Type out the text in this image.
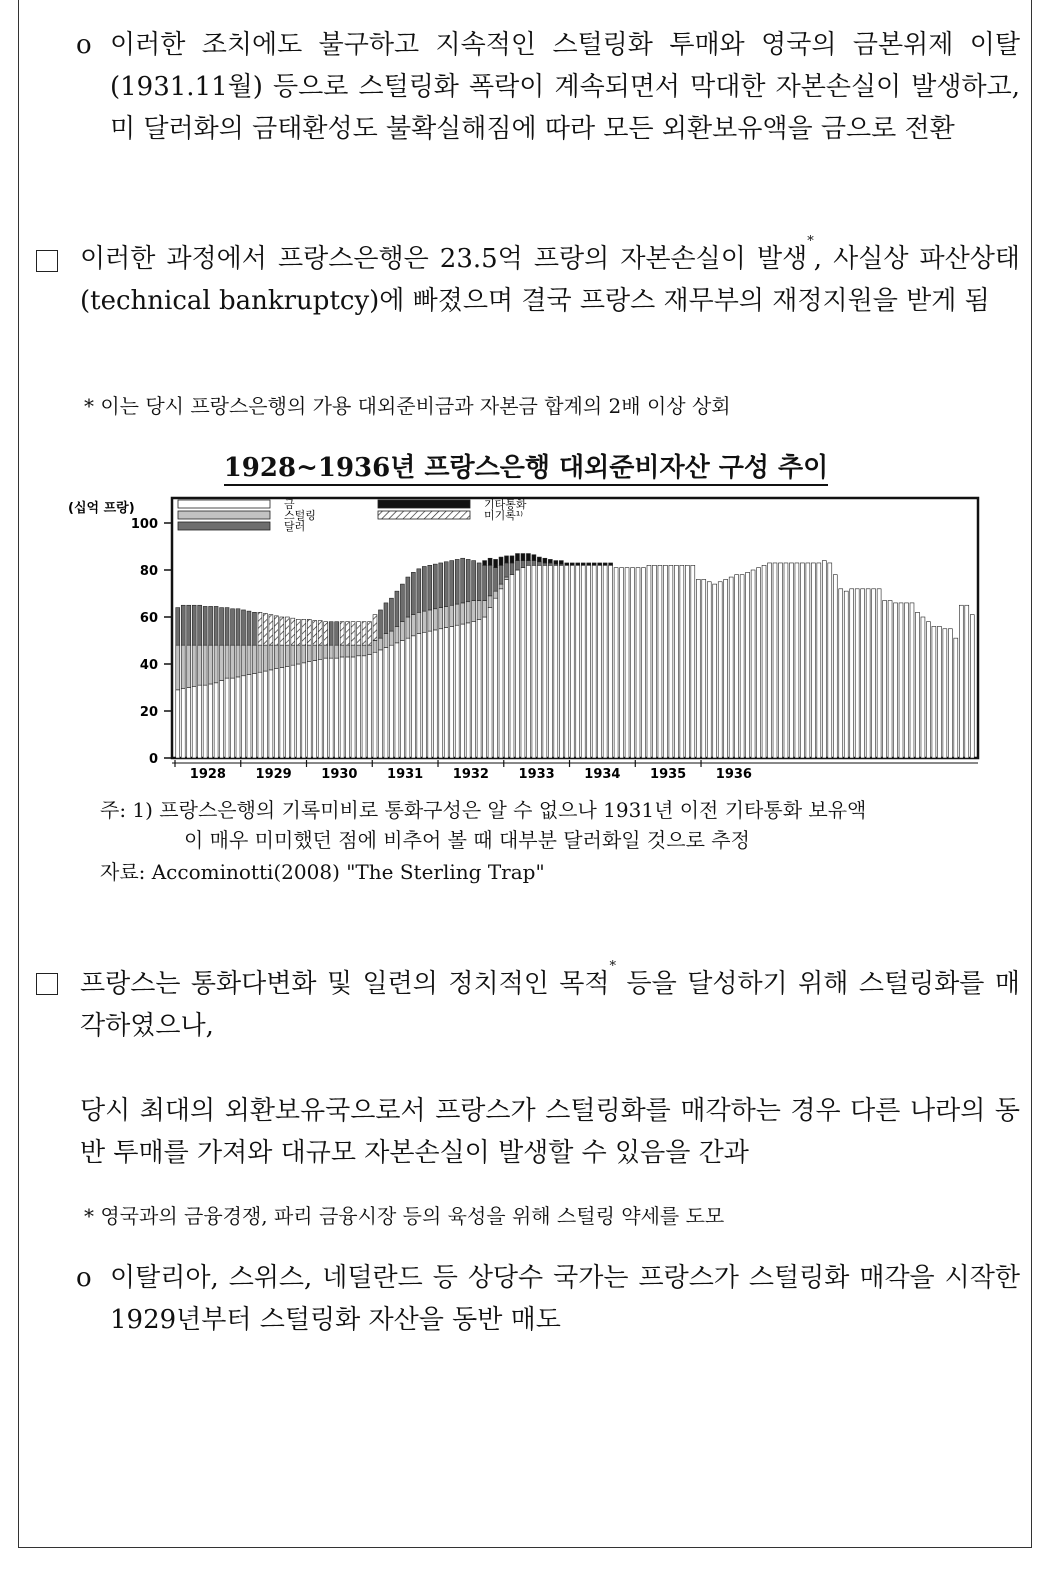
o 이러한 조치에도 불구하고 지속적인 스털링화 투매와 영국의 금본위제 이탈(1931.11월) 등으로 스털링화 폭락이 계속되면서 막대한 자본손실이 발생하고, 미 달러화의 금태환성도 불확실해짐에 따라 모든 외환보유액을 금으로 전환
이러한 과정에서 프랑스은행은 23.5억 프랑의 자본손실이 발생*, 사실상 파산상태(technical bankruptcy)에 빠졌으며 결국 프랑스 재무부의 재정지원을 받게 됨
* 이는 당시 프랑스은행의 가용 대외준비금과 자본금 합계의 2배 이상 상회
1928~1936년 프랑스은행 대외준비자산 구성 추이
0
20
40
60
80
100
(십억 프랑)
1928 1929 1930 1931 1932 1933 1934 1935 1936
금
스털링
달러
기타통화
미기록¹⁾
주: 1) 프랑스은행의 기록미비로 통화구성은 알 수 없으나 1931년 이전 기타통화 보유액
이 매우 미미했던 점에 비추어 볼 때 대부분 달러화일 것으로 추정
자료: Accominotti(2008) "The Sterling Trap"
프랑스는 통화다변화 및 일련의 정치적인 목적* 등을 달성하기 위해 스털링화를 매각하였으나,
당시 최대의 외환보유국으로서 프랑스가 스털링화를 매각하는 경우 다른 나라의 동반 투매를 가져와 대규모 자본손실이 발생할 수 있음을 간과
* 영국과의 금융경쟁, 파리 금융시장 등의 육성을 위해 스털링 약세를 도모
o 이탈리아, 스위스, 네덜란드 등 상당수 국가는 프랑스가 스털링화 매각을 시작한 1929년부터 스털링화 자산을 동반 매도
